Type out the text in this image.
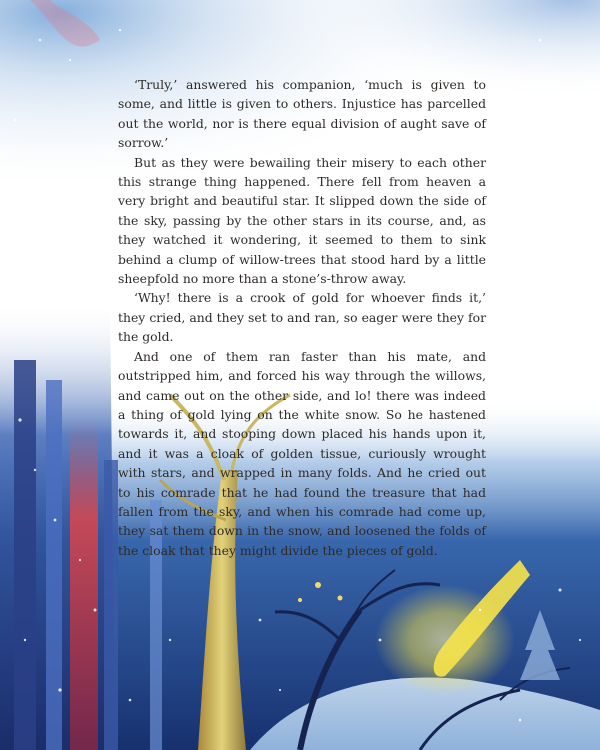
‘Truly,’ answered his companion, ‘much is given to some, and little is given to others. Injustice has parcelled out the world, nor is there equal division of aught save of sorrow.’

But as they were bewailing their misery to each other this strange thing happened. There fell from heaven a very bright and beautiful star. It slipped down the side of the sky, passing by the other stars in its course, and, as they watched it wondering, it seemed to them to sink behind a clump of willow-trees that stood hard by a little sheepfold no more than a stone’s-throw away.

‘Why! there is a crook of gold for whoever finds it,’ they cried, and they set to and ran, so eager were they for the gold.

And one of them ran faster than his mate, and outstripped him, and forced his way through the willows, and came out on the other side, and lo! there was indeed a thing of gold lying on the white snow. So he hastened towards it, and stooping down placed his hands upon it, and it was a cloak of golden tissue, curiously wrought with stars, and wrapped in many folds. And he cried out to his comrade that he had found the treasure that had fallen from the sky, and when his comrade had come up, they sat them down in the snow, and loosened the folds of the cloak that they might divide the pieces of gold.
